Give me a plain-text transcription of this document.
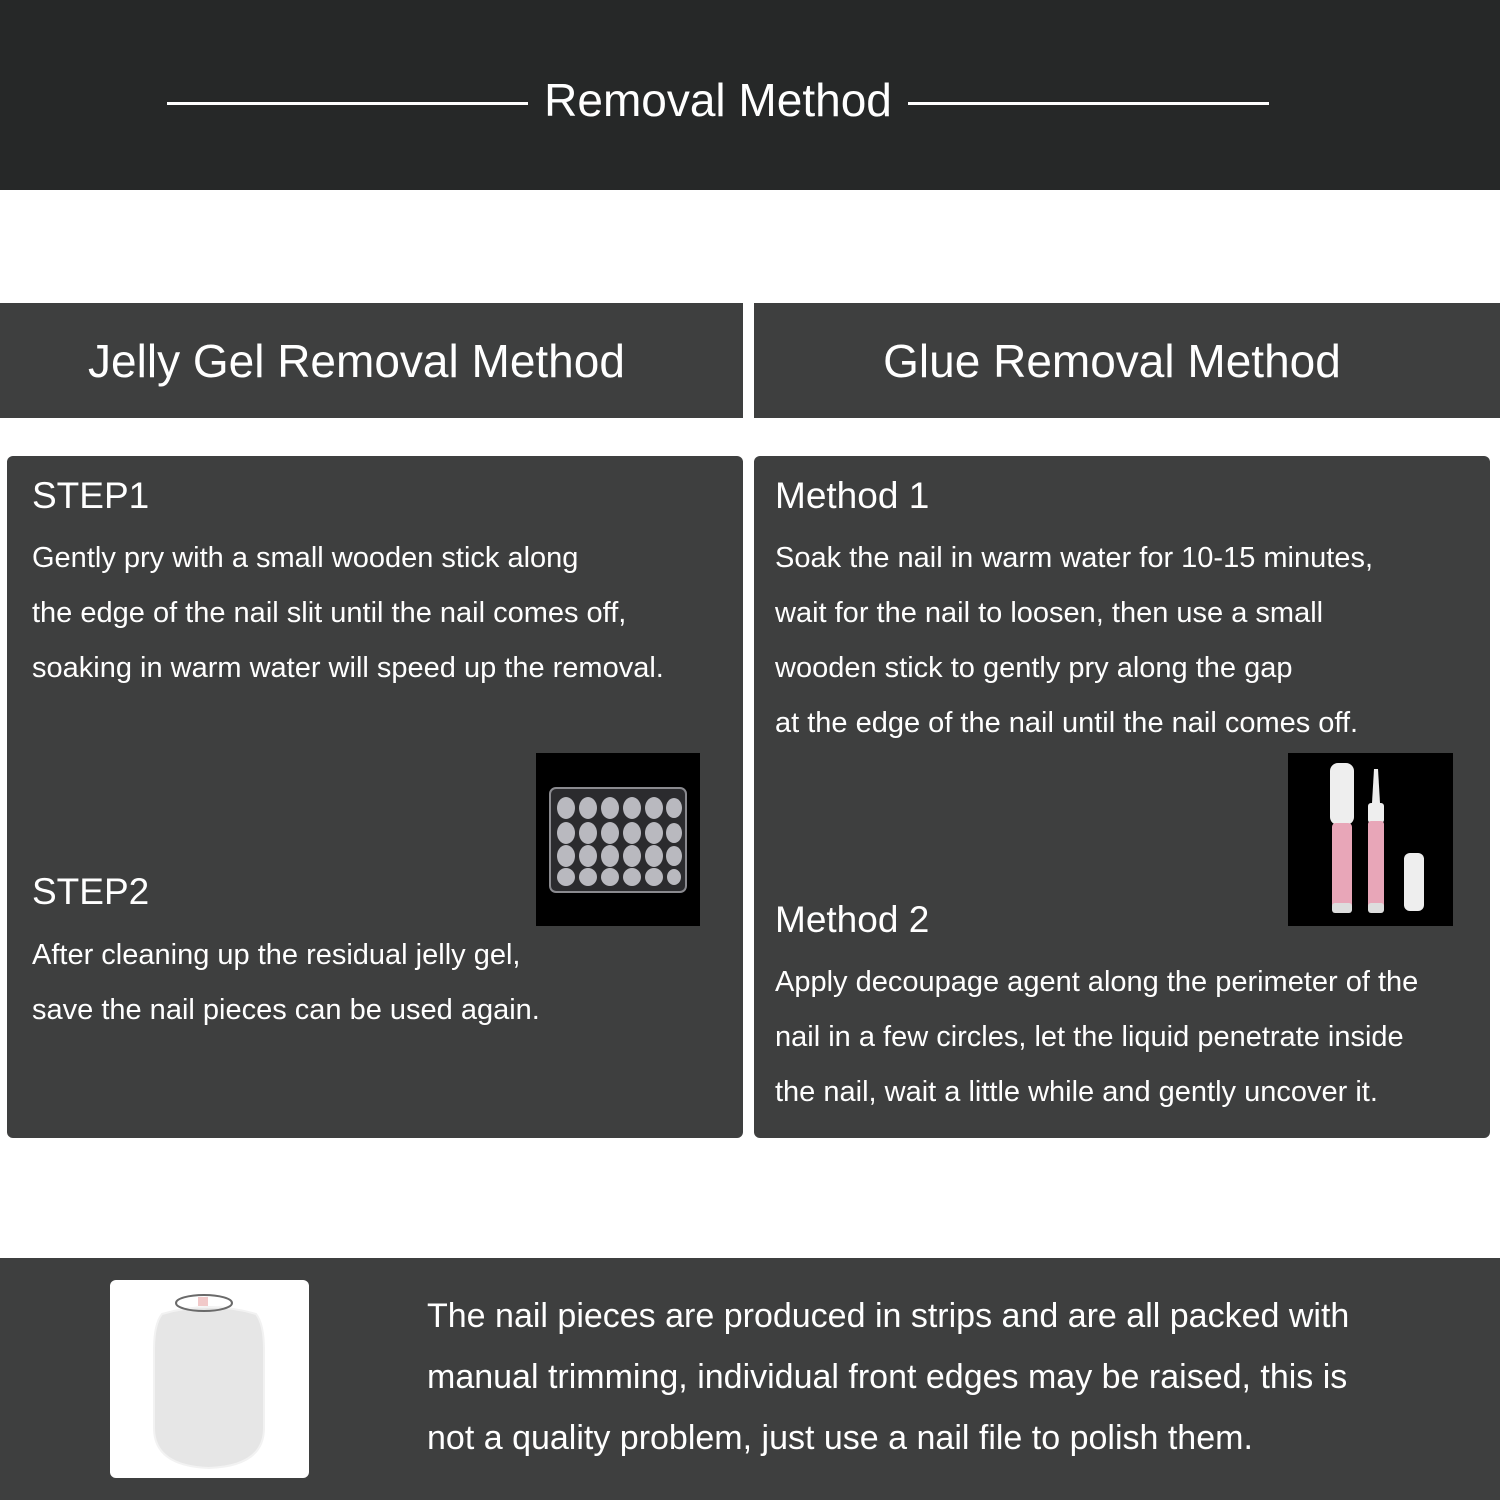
Removal Method
Jelly Gel Removal Method	Glue Removal Method
STEP1
Gently pry with a small wooden stick along
the edge of the nail slit until the nail comes off,
soaking in warm water will speed up the removal.
STEP2
After cleaning up the residual jelly gel,
save the nail pieces can be used again.
Method 1
Soak the nail in warm water for 10-15 minutes,
wait for the nail to loosen, then use a small
wooden stick to gently pry along the gap
at the edge of the nail until the nail comes off.
Method 2
Apply decoupage agent along the perimeter of the
nail in a few circles, let the liquid penetrate inside
the nail, wait a little while and gently uncover it.
The nail pieces are produced in strips and are all packed with
manual trimming, individual front edges may be raised, this is
not a quality problem, just use a nail file to polish them.
